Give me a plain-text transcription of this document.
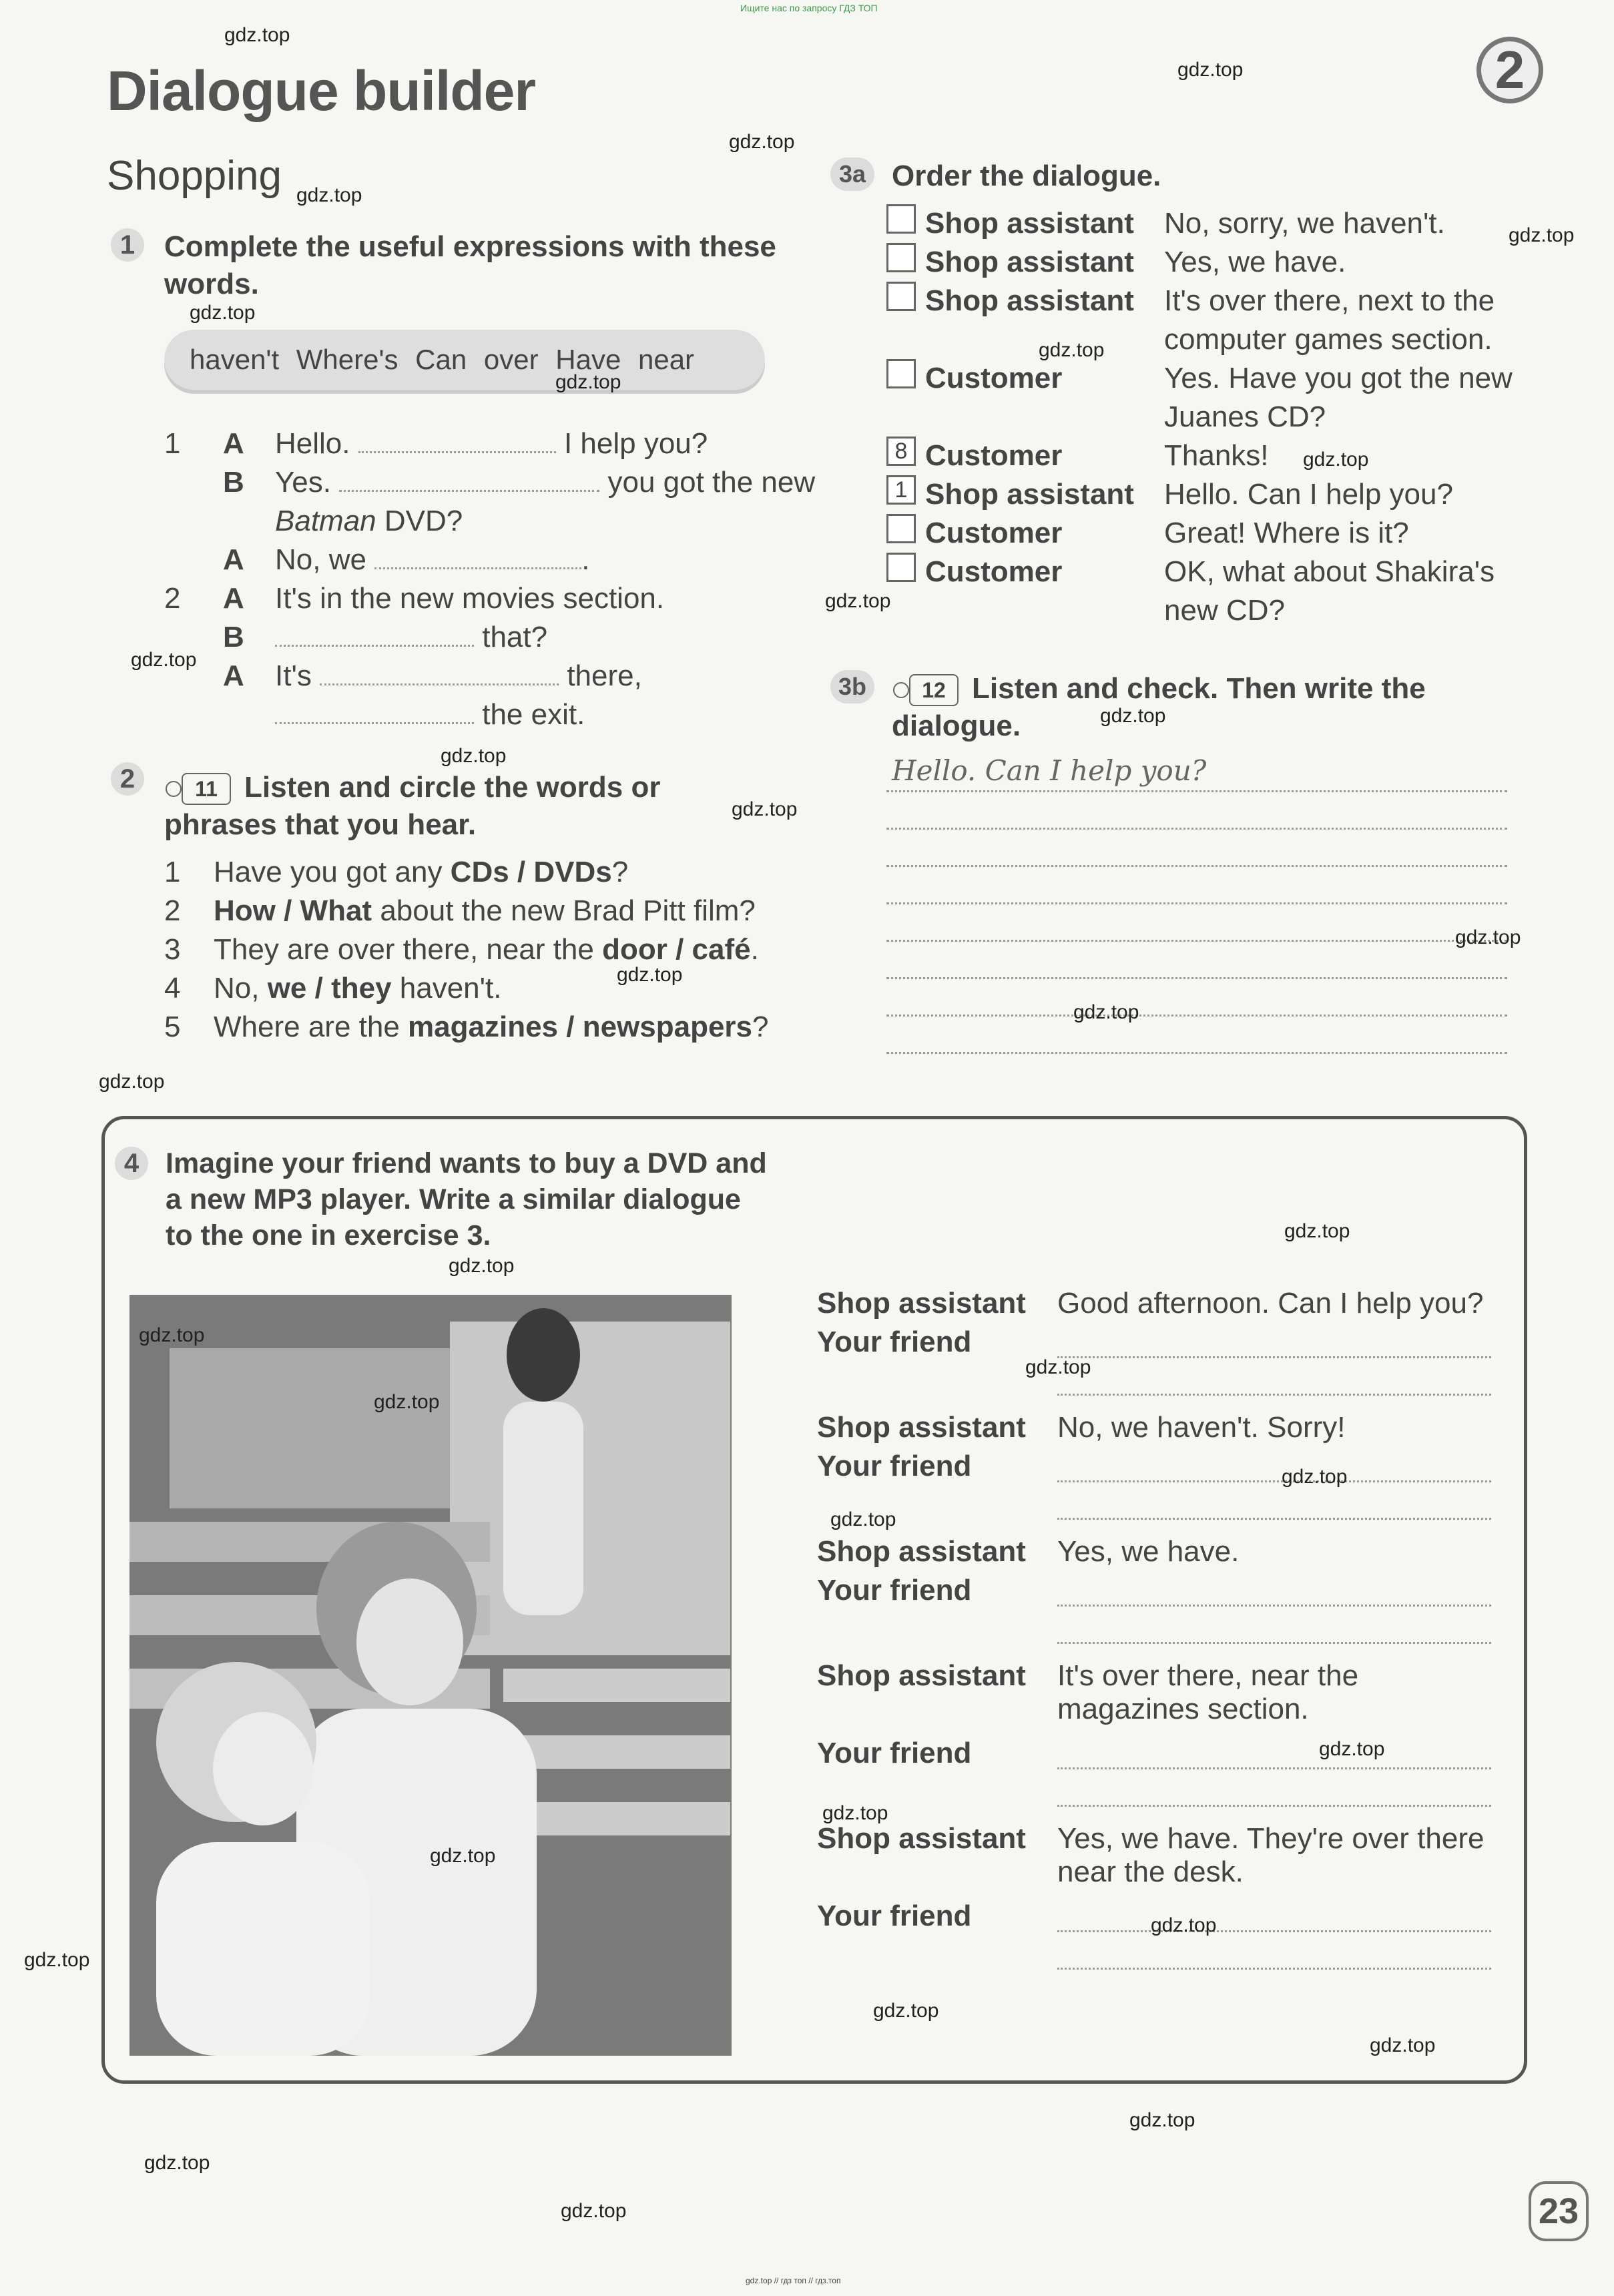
Ищите нас по запросу ГДЗ ТОП
Dialogue builder	2
Shopping
1 Complete the useful expressions with these
words.
haven't Where's Can over Have near
1 A Hello.	I help you?
B Yes.	you got the new
Batman DVD?
A No, we	.
2 A It's in the new movies section.
B	that?
A It's	there,
the exit.
2	11 Listen and circle the words or
phrases that you hear.
1 Have you got any CDs / DVDs?
2 How / What about the new Brad Pitt film?
3 They are over there, near the door / café.
4 No, we / they haven't.
5 Where are the magazines / newspapers?
3a Order the dialogue.
Shop assistant	No, sorry, we haven't.
Shop assistant	Yes, we have.
Shop assistant	It's over there, next to the
computer games section.
Customer	Yes. Have you got the new
Juanes CD?
8 Customer	Thanks!
1 Shop assistant	Hello. Can I help you?
Customer	Great! Where is it?
Customer	OK, what about Shakira's
new CD?
3b	12 Listen and check. Then write the
dialogue.
Hello. Can I help you?
4 Imagine your friend wants to buy a DVD and
a new MP3 player. Write a similar dialogue
to the one in exercise 3.
Shop assistant	Good afternoon. Can I help you?
Your friend
Shop assistant	No, we haven't. Sorry!
Your friend
Shop assistant	Yes, we have.
Your friend
Shop assistant	It's over there, near the
magazines section.
Your friend
Shop assistant	Yes, we have. They're over there
near the desk.
Your friend
23
gdz.top
gdz.top
gdz.top
gdz.top
gdz.top
gdz.top
gdz.top
gdz.top
gdz.top
gdz.top
gdz.top
gdz.top
gdz.top
gdz.top
gdz.top
gdz.top
gdz.top
gdz.top
gdz.top
gdz.top
gdz.top
gdz.top
gdz.top
gdz.top
gdz.top
gdz.top
gdz.top
gdz.top
gdz.top
gdz.top
gdz.top
gdz.top
gdz.top
gdz.top
gdz.top
gdz.top // гдз топ // гдз.топ
